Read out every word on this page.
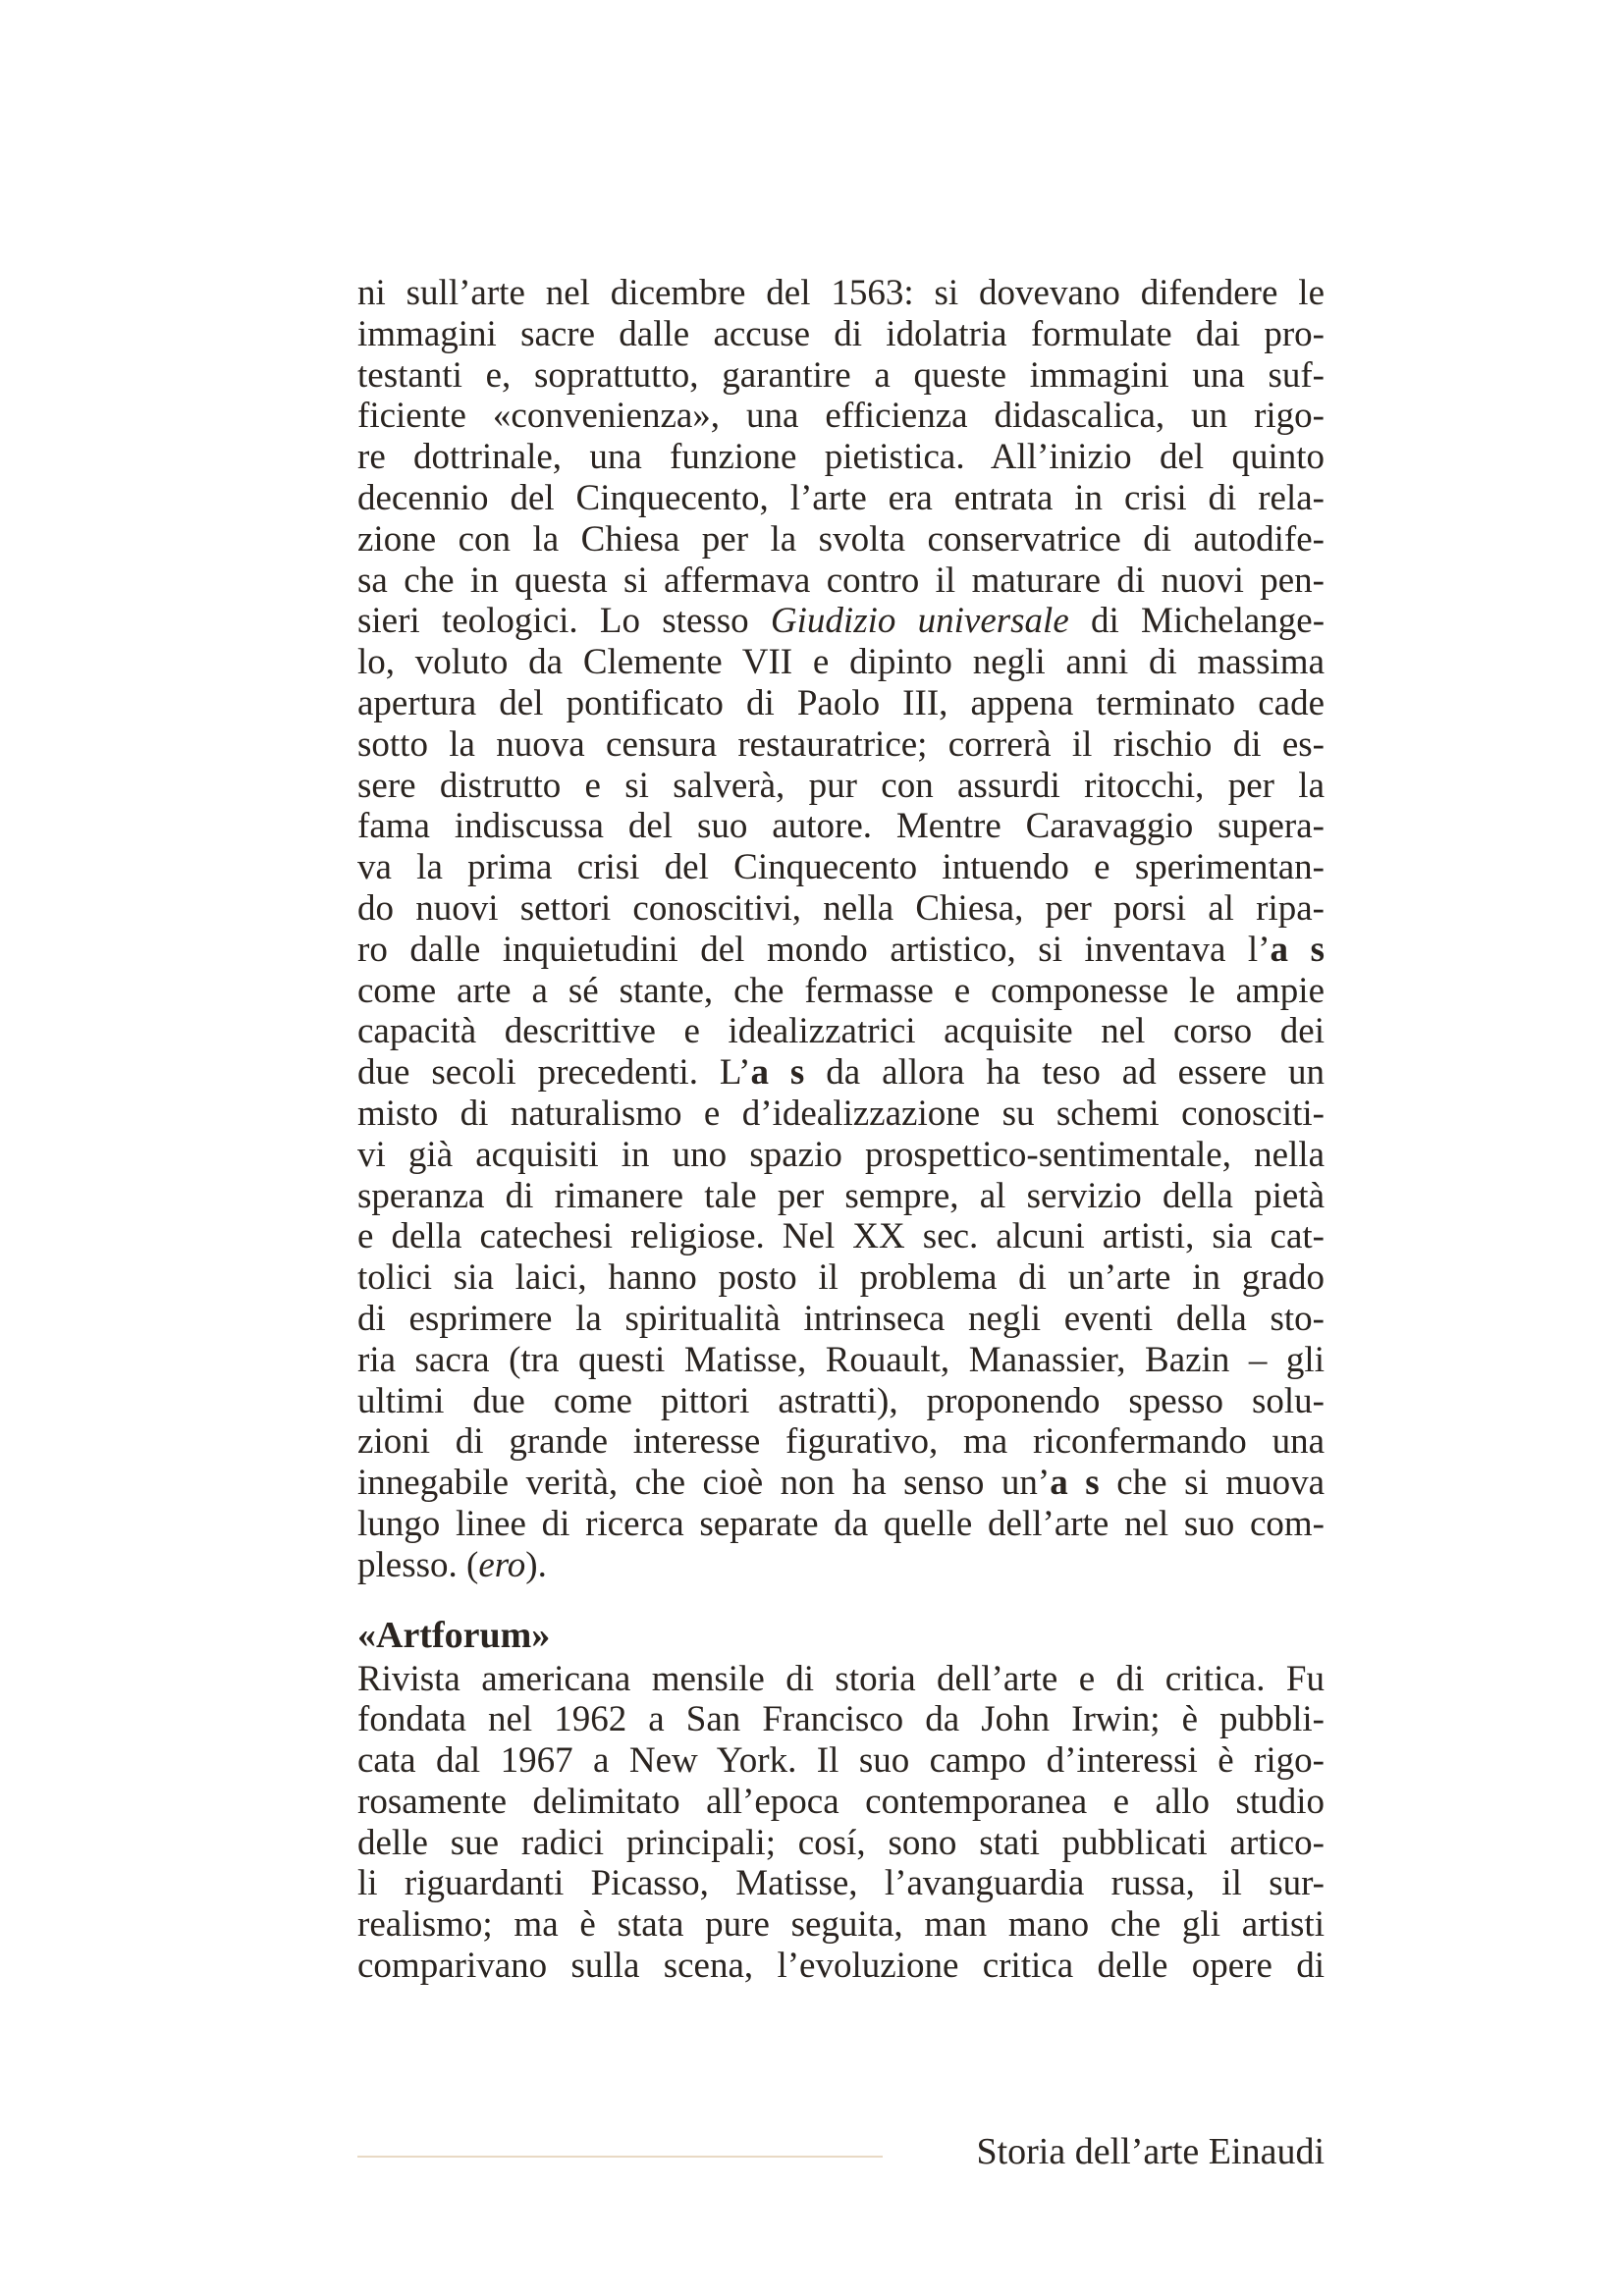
ni sull’arte nel dicembre del 1563: si dovevano difendere le
immagini sacre dalle accuse di idolatria formulate dai pro-
testanti e, soprattutto, garantire a queste immagini una suf-
ficiente «convenienza», una efficienza didascalica, un rigo-
re dottrinale, una funzione pietistica. All’inizio del quinto
decennio del Cinquecento, l’arte era entrata in crisi di rela-
zione con la Chiesa per la svolta conservatrice di autodife-
sa che in questa si affermava contro il maturare di nuovi pen-
sieri teologici. Lo stesso Giudizio universale di Michelange-
lo, voluto da Clemente VII e dipinto negli anni di massima
apertura del pontificato di Paolo III, appena terminato cade
sotto la nuova censura restauratrice; correrà il rischio di es-
sere distrutto e si salverà, pur con assurdi ritocchi, per la
fama indiscussa del suo autore. Mentre Caravaggio supera-
va la prima crisi del Cinquecento intuendo e sperimentan-
do nuovi settori conoscitivi, nella Chiesa, per porsi al ripa-
ro dalle inquietudini del mondo artistico, si inventava l’a s
come arte a sé stante, che fermasse e componesse le ampie
capacità descrittive e idealizzatrici acquisite nel corso dei
due secoli precedenti. L’a s da allora ha teso ad essere un
misto di naturalismo e d’idealizzazione su schemi conosciti-
vi già acquisiti in uno spazio prospettico-sentimentale, nella
speranza di rimanere tale per sempre, al servizio della pietà
e della catechesi religiose. Nel XX sec. alcuni artisti, sia cat-
tolici sia laici, hanno posto il problema di un’arte in grado
di esprimere la spiritualità intrinseca negli eventi della sto-
ria sacra (tra questi Matisse, Rouault, Manassier, Bazin – gli
ultimi due come pittori astratti), proponendo spesso solu-
zioni di grande interesse figurativo, ma riconfermando una
innegabile verità, che cioè non ha senso un’a s che si muova
lungo linee di ricerca separate da quelle dell’arte nel suo com-
plesso. (ero).
«Artforum»
Rivista americana mensile di storia dell’arte e di critica. Fu
fondata nel 1962 a San Francisco da John Irwin; è pubbli-
cata dal 1967 a New York. Il suo campo d’interessi è rigo-
rosamente delimitato all’epoca contemporanea e allo studio
delle sue radici principali; cosí, sono stati pubblicati artico-
li riguardanti Picasso, Matisse, l’avanguardia russa, il sur-
realismo; ma è stata pure seguita, man mano che gli artisti
comparivano sulla scena, l’evoluzione critica delle opere di
Storia dell’arte Einaudi
